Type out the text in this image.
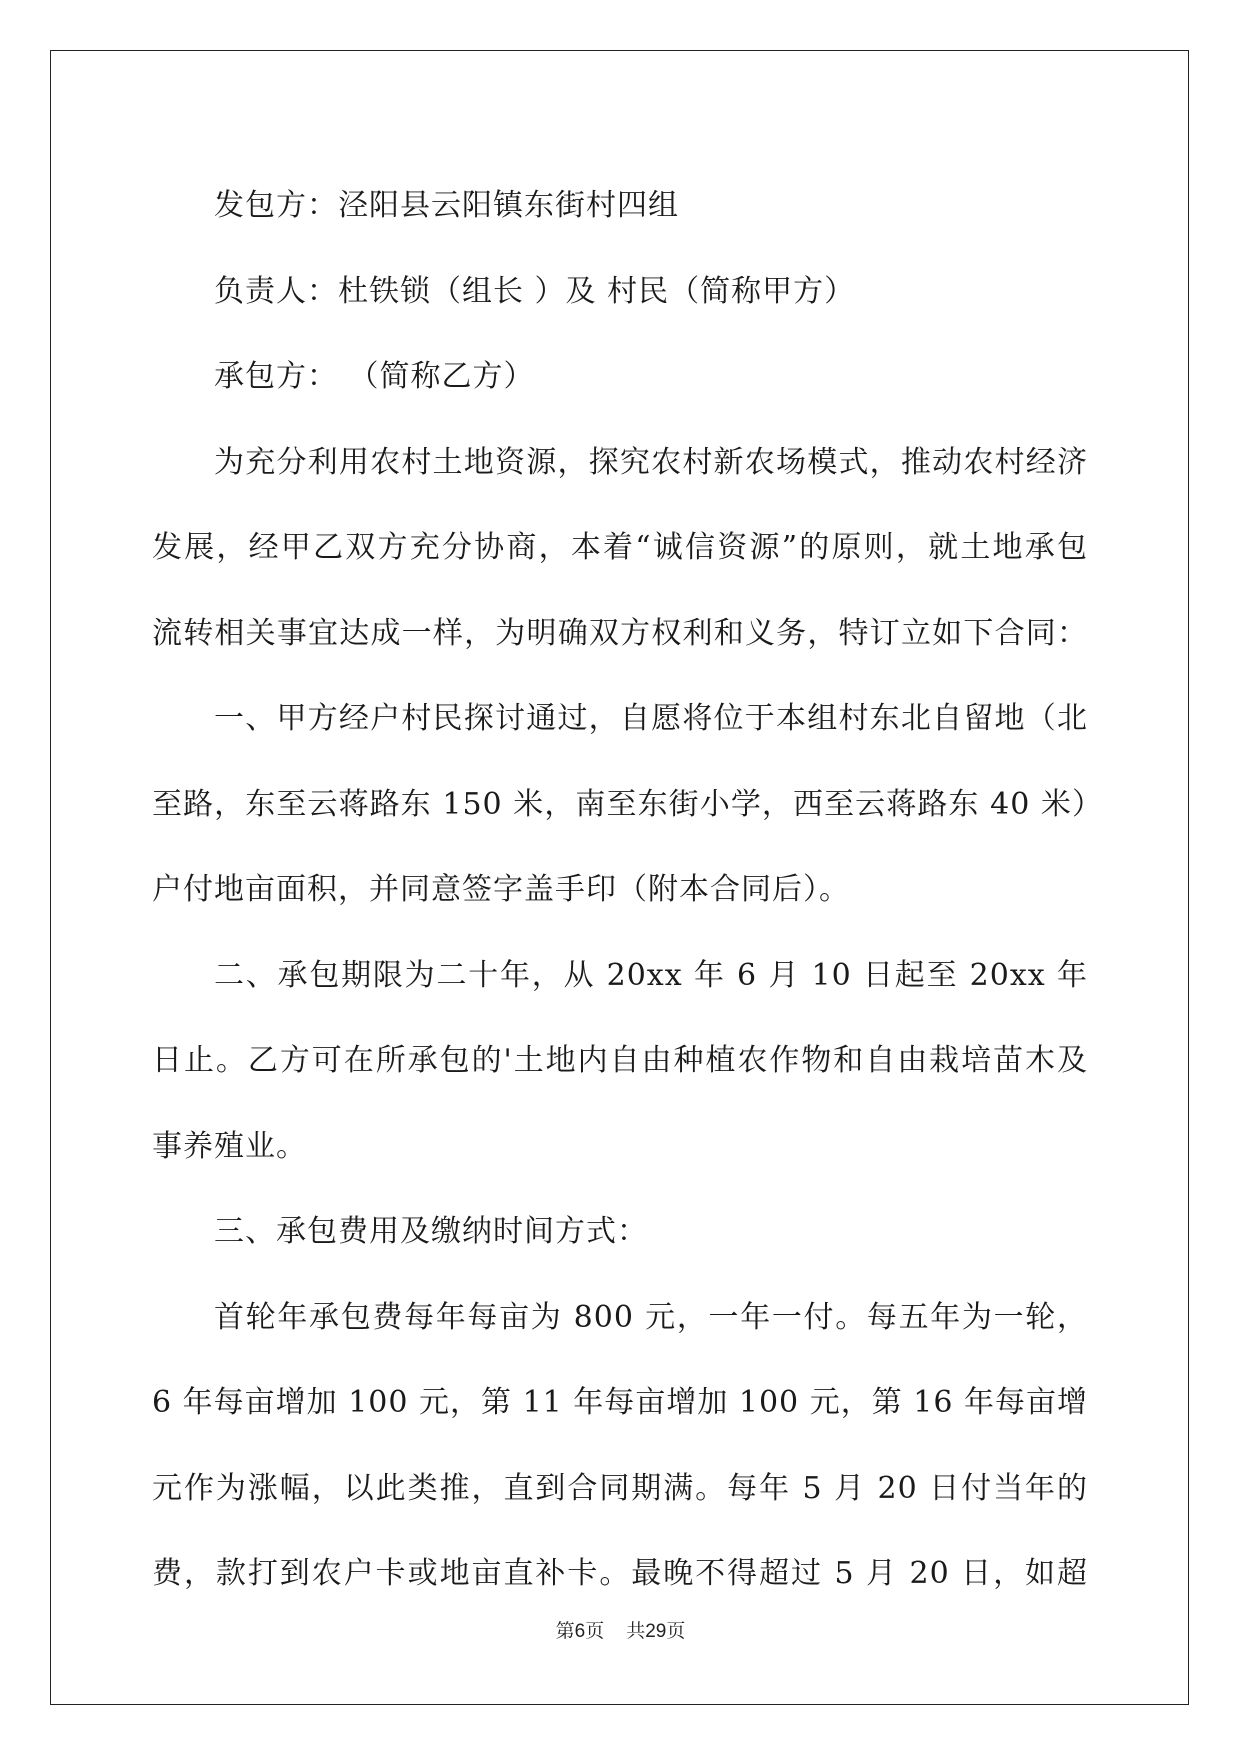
发包方：泾阳县云阳镇东街村四组
负责人：杜铁锁（组长 ）及 村民（简称甲方）
承包方： （简称乙方）
为充分利用农村土地资源，探究农村新农场模式，推动农村经济
发展，经甲乙双方充分协商，本着“诚信资源”的原则，就土地承包
流转相关事宜达成一样，为明确双方权利和义务，特订立如下合同：
一、甲方经户村民探讨通过，自愿将位于本组村东北自留地（北
至路，东至云蒋路东 150 米，南至东街小学，西至云蒋路东 40 米）
户付地亩面积，并同意签字盖手印（附本合同后）。
二、承包期限为二十年，从 20xx 年 6 月 10 日起至 20xx 年
日止。乙方可在所承包的'土地内自由种植农作物和自由栽培苗木及
事养殖业。
三、承包费用及缴纳时间方式：
首轮年承包费每年每亩为 800 元，一年一付。每五年为一轮，
6 年每亩增加 100 元，第 11 年每亩增加 100 元，第 16 年每亩增
元作为涨幅，以此类推，直到合同期满。每年 5 月 20 日付当年的
费，款打到农户卡或地亩直补卡。最晚不得超过 5 月 20 日，如超
第6页 共29页
